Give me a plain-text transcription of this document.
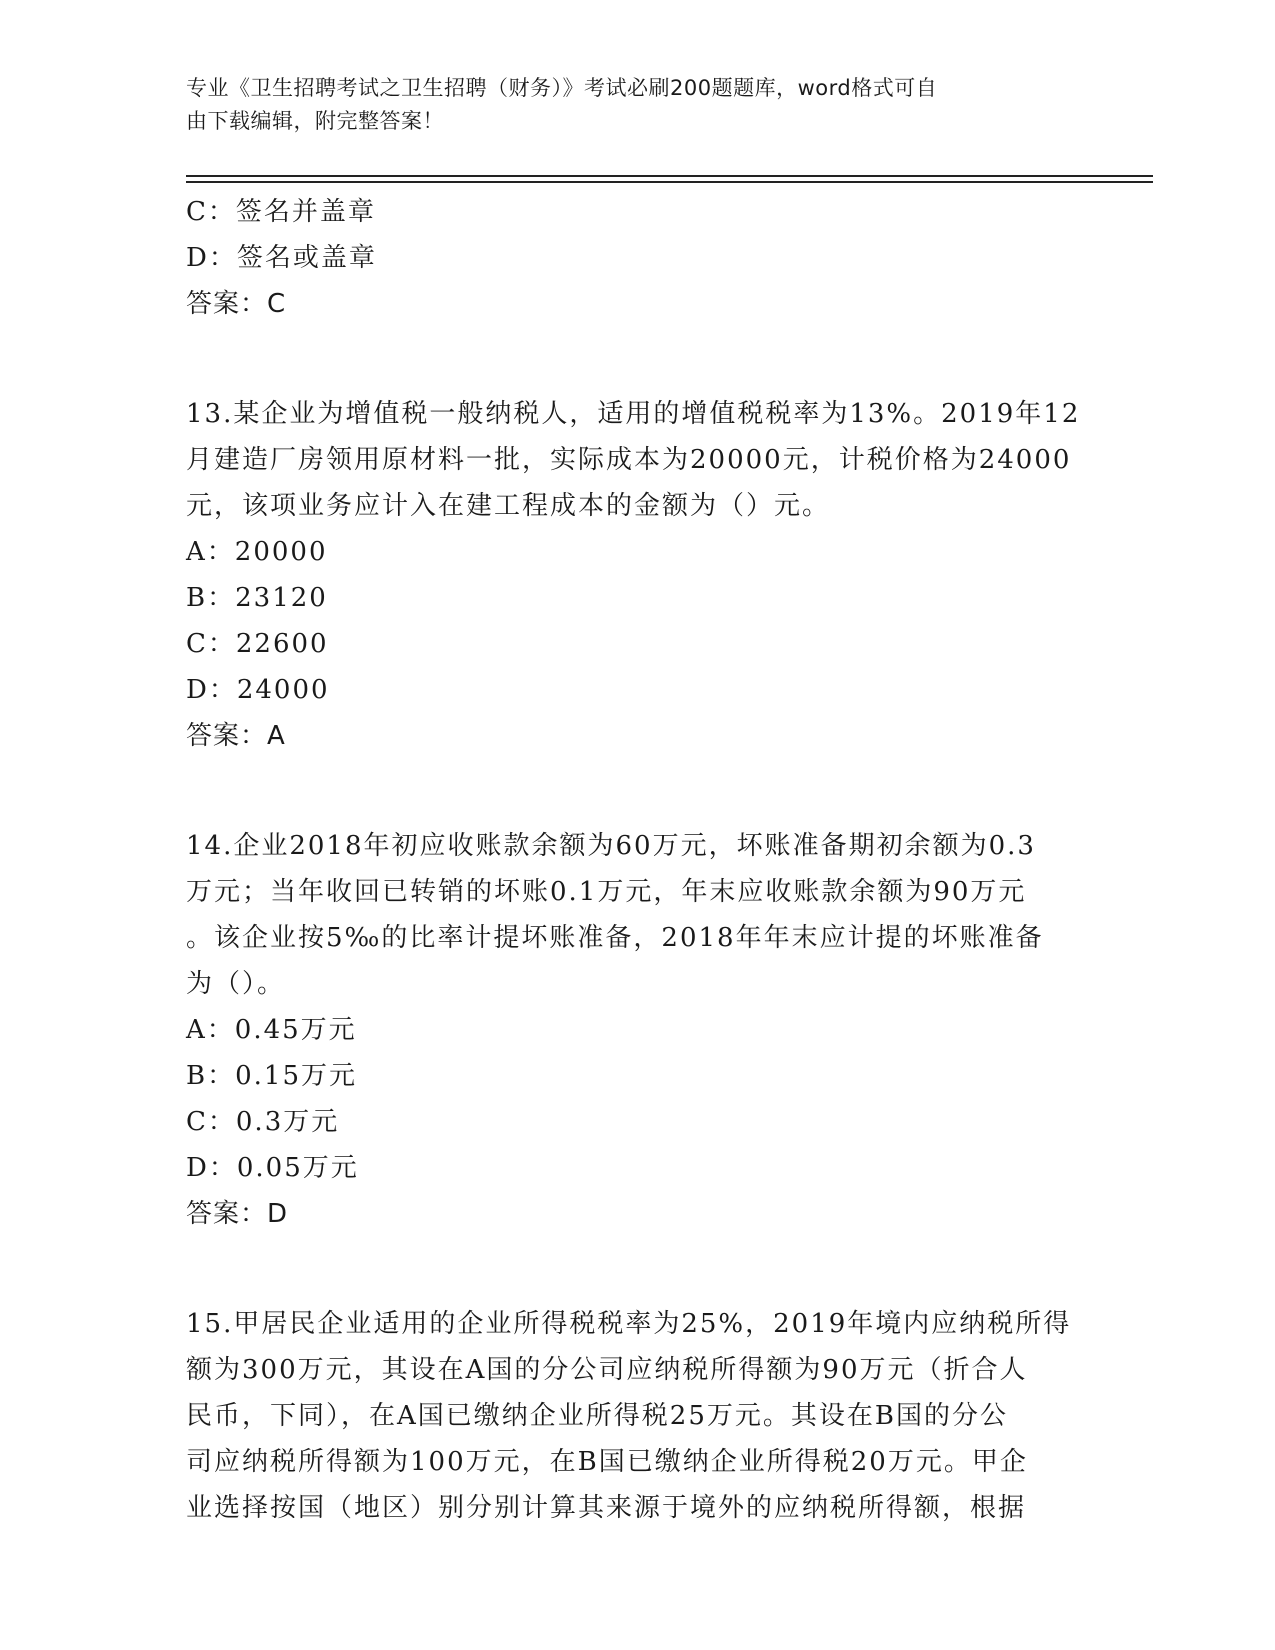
专业《卫生招聘考试之卫生招聘（财务）》考试必刷200题题库，word格式可自
由下载编辑，附完整答案！
C：签名并盖章
D：签名或盖章
答案：C
13.某企业为增值税一般纳税人，适用的增值税税率为13%。2019年12
月建造厂房领用原材料一批，实际成本为20000元，计税价格为24000
元，该项业务应计入在建工程成本的金额为（）元。
A：20000
B：23120
C：22600
D：24000
答案：A
14.企业2018年初应收账款余额为60万元，坏账准备期初余额为0.3
万元；当年收回已转销的坏账0.1万元，年末应收账款余额为90万元
。该企业按5‰的比率计提坏账准备，2018年年末应计提的坏账准备
为（）。
A：0.45万元
B：0.15万元
C：0.3万元
D：0.05万元
答案：D
15.甲居民企业适用的企业所得税税率为25%，2019年境内应纳税所得
额为300万元，其设在A国的分公司应纳税所得额为90万元（折合人
民币，下同），在A国已缴纳企业所得税25万元。其设在B国的分公
司应纳税所得额为100万元，在B国已缴纳企业所得税20万元。甲企
业选择按国（地区）别分别计算其来源于境外的应纳税所得额，根据
